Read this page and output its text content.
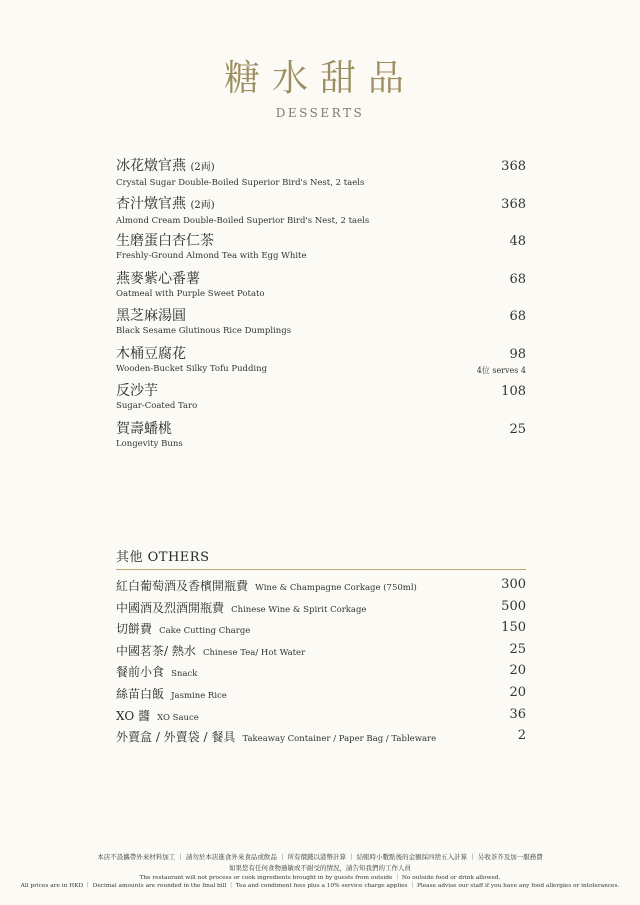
糖水甜品
DESSERTS
冰花燉官燕 (2両)
Crystal Sugar Double-Boiled Superior Bird's Nest, 2 taels
368
杏汁燉官燕 (2両)
Almond Cream Double-Boiled Superior Bird's Nest, 2 taels
368
生磨蛋白杏仁茶
Freshly-Ground Almond Tea with Egg White
48
燕麥紫心番薯
Oatmeal with Purple Sweet Potato
68
黑芝麻湯圓
Black Sesame Glutinous Rice Dumplings
68
木桶豆腐花
Wooden-Bucket Silky Tofu Pudding
98
4位 serves 4
反沙芋
Sugar-Coated Taro
108
賀壽蟠桃
Longevity Buns
25
其他 OTHERS
紅白葡萄酒及香檳開瓶費 Wine & Champagne Corkage (750ml)	300
中國酒及烈酒開瓶費 Chinese Wine & Spirit Corkage	500
切餅費 Cake Cutting Charge	150
中國茗茶/ 熱水 Chinese Tea/ Hot Water	25
餐前小食 Snack	20
絲苗白飯 Jasmine Rice	20
XO 醬 XO Sauce	36
外賣盒 / 外賣袋 / 餐具 Takeaway Container / Paper Bag / Tableware	2
本店不設攜帶外來材料加工 ｜ 請勿於本店進食外來食品或飲品 ｜ 所有價錢以港幣計算 ｜ 結帳時小數點後的金額採四捨五入計算 ｜ 另收茶芥及加一服務費
如果您有任何食物過敏或不耐受的情況，請告知我們的工作人員
The restaurant will not process or cook ingredients brought in by guests from outside ｜ No outside food or drink allowed.
All prices are in HKD ｜ Decimal amounts are rounded in the final bill ｜ Tea and condiment fees plus a 10% service charge applies ｜ Please advise our staff if you have any food allergies or intolerances.
